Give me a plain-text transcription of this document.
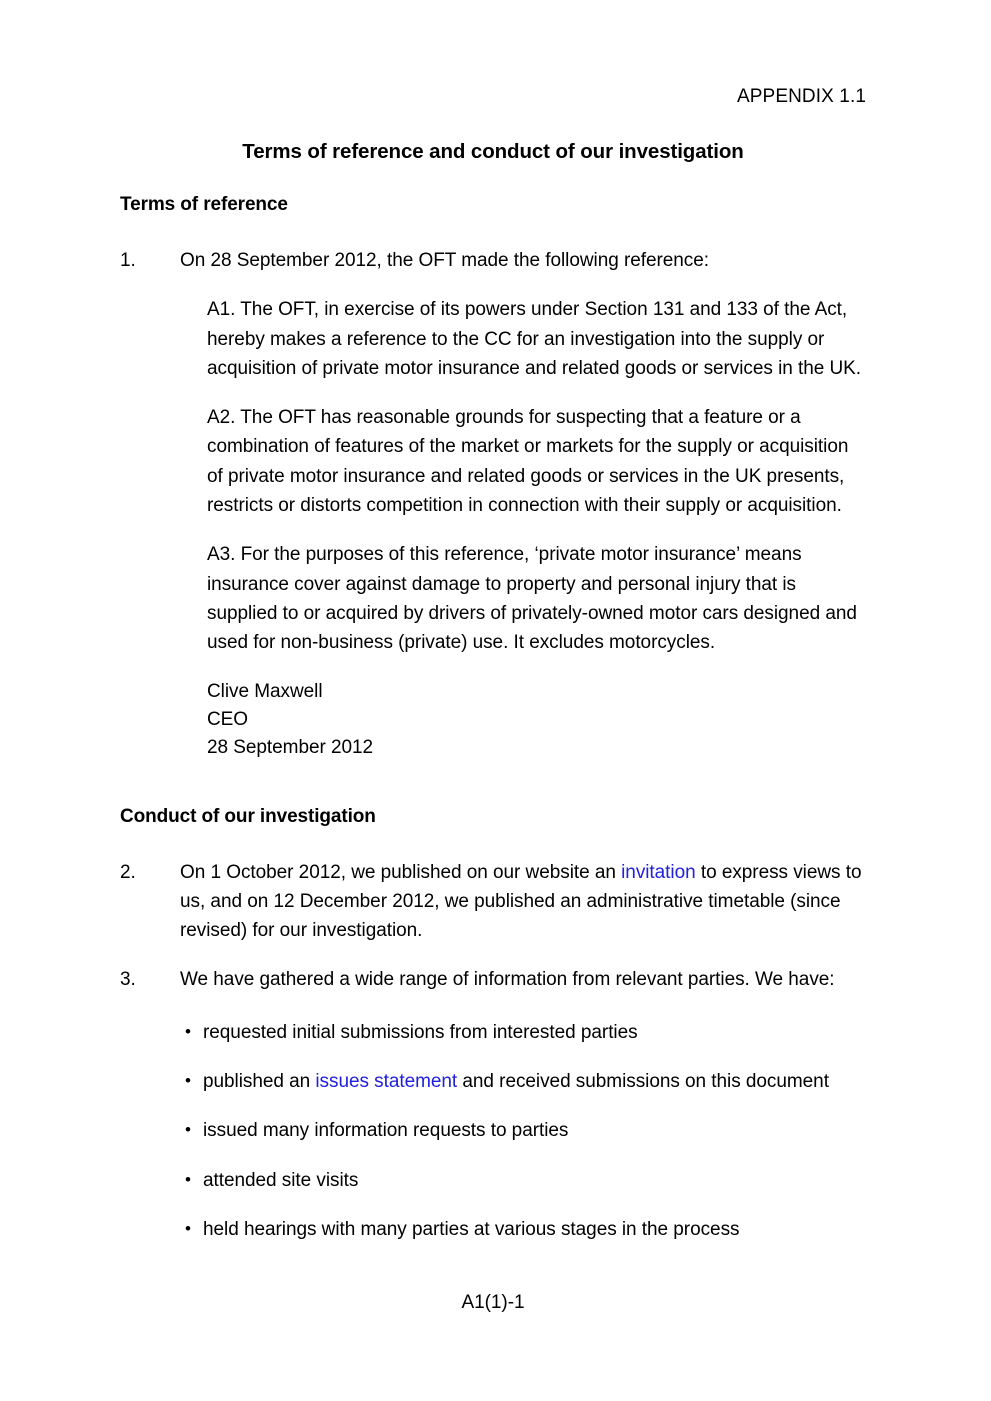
APPENDIX 1.1
Terms of reference and conduct of our investigation
Terms of reference
1.	On 28 September 2012, the OFT made the following reference:
A1. The OFT, in exercise of its powers under Section 131 and 133 of the Act, hereby makes a reference to the CC for an investigation into the supply or acquisition of private motor insurance and related goods or services in the UK.
A2. The OFT has reasonable grounds for suspecting that a feature or a combination of features of the market or markets for the supply or acquisition of private motor insurance and related goods or services in the UK presents, restricts or distorts competition in connection with their supply or acquisition.
A3. For the purposes of this reference, ‘private motor insurance’ means insurance cover against damage to property and personal injury that is supplied to or acquired by drivers of privately-owned motor cars designed and used for non-business (private) use. It excludes motorcycles.
Clive Maxwell
CEO
28 September 2012
Conduct of our investigation
2.	On 1 October 2012, we published on our website an invitation to express views to us, and on 12 December 2012, we published an administrative timetable (since revised) for our investigation.
3.	We have gathered a wide range of information from relevant parties. We have:
• requested initial submissions from interested parties
• published an issues statement and received submissions on this document
• issued many information requests to parties
• attended site visits
• held hearings with many parties at various stages in the process
A1(1)-1
